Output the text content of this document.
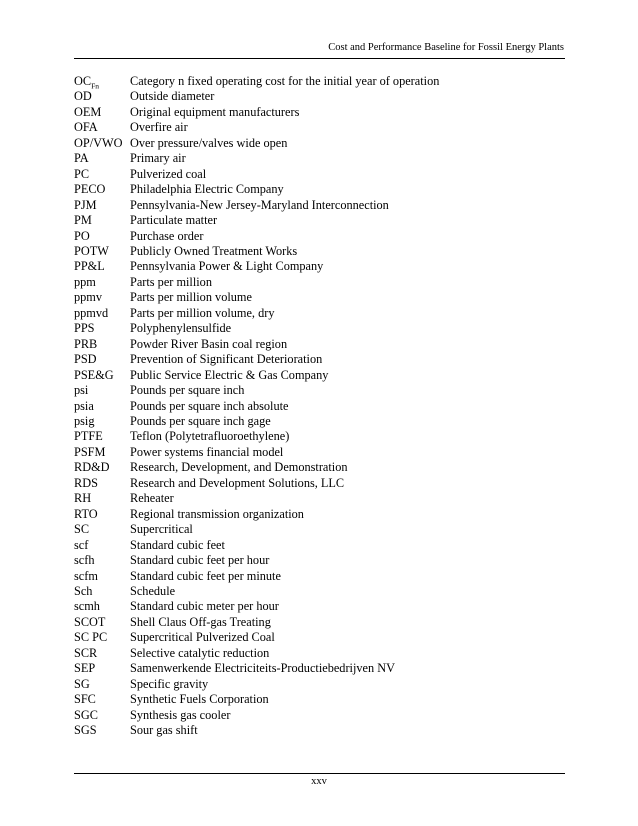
Cost and Performance Baseline for Fossil Energy Plants
$OC_{Fn}$	Category n fixed operating cost for the initial year of operation
OD	Outside diameter
OEM	Original equipment manufacturers
OFA	Overfire air
OP/VWO Over pressure/valves wide open
PA	Primary air
PC	Pulverized coal
PECO	Philadelphia Electric Company
PJM	Pennsylvania-New Jersey-Maryland Interconnection
PM	Particulate matter
PO	Purchase order
POTW	Publicly Owned Treatment Works
PP&L	Pennsylvania Power & Light Company
ppm	Parts per million
ppmv	Parts per million volume
ppmvd	Parts per million volume, dry
PPS	Polyphenylensulfide
PRB	Powder River Basin coal region
PSD	Prevention of Significant Deterioration
PSE&G	Public Service Electric & Gas Company
psi	Pounds per square inch
psia	Pounds per square inch absolute
psig	Pounds per square inch gage
PTFE	Teflon (Polytetrafluoroethylene)
PSFM	Power systems financial model
RD&D	Research, Development, and Demonstration
RDS	Research and Development Solutions, LLC
RH	Reheater
RTO	Regional transmission organization
SC	Supercritical
scf	Standard cubic feet
scfh	Standard cubic feet per hour
scfm	Standard cubic feet per minute
Sch	Schedule
scmh	Standard cubic meter per hour
SCOT	Shell Claus Off-gas Treating
SC PC	Supercritical Pulverized Coal
SCR	Selective catalytic reduction
SEP	Samenwerkende Electriciteits-Productiebedrijven NV
SG	Specific gravity
SFC	Synthetic Fuels Corporation
SGC	Synthesis gas cooler
SGS	Sour gas shift
xxv
